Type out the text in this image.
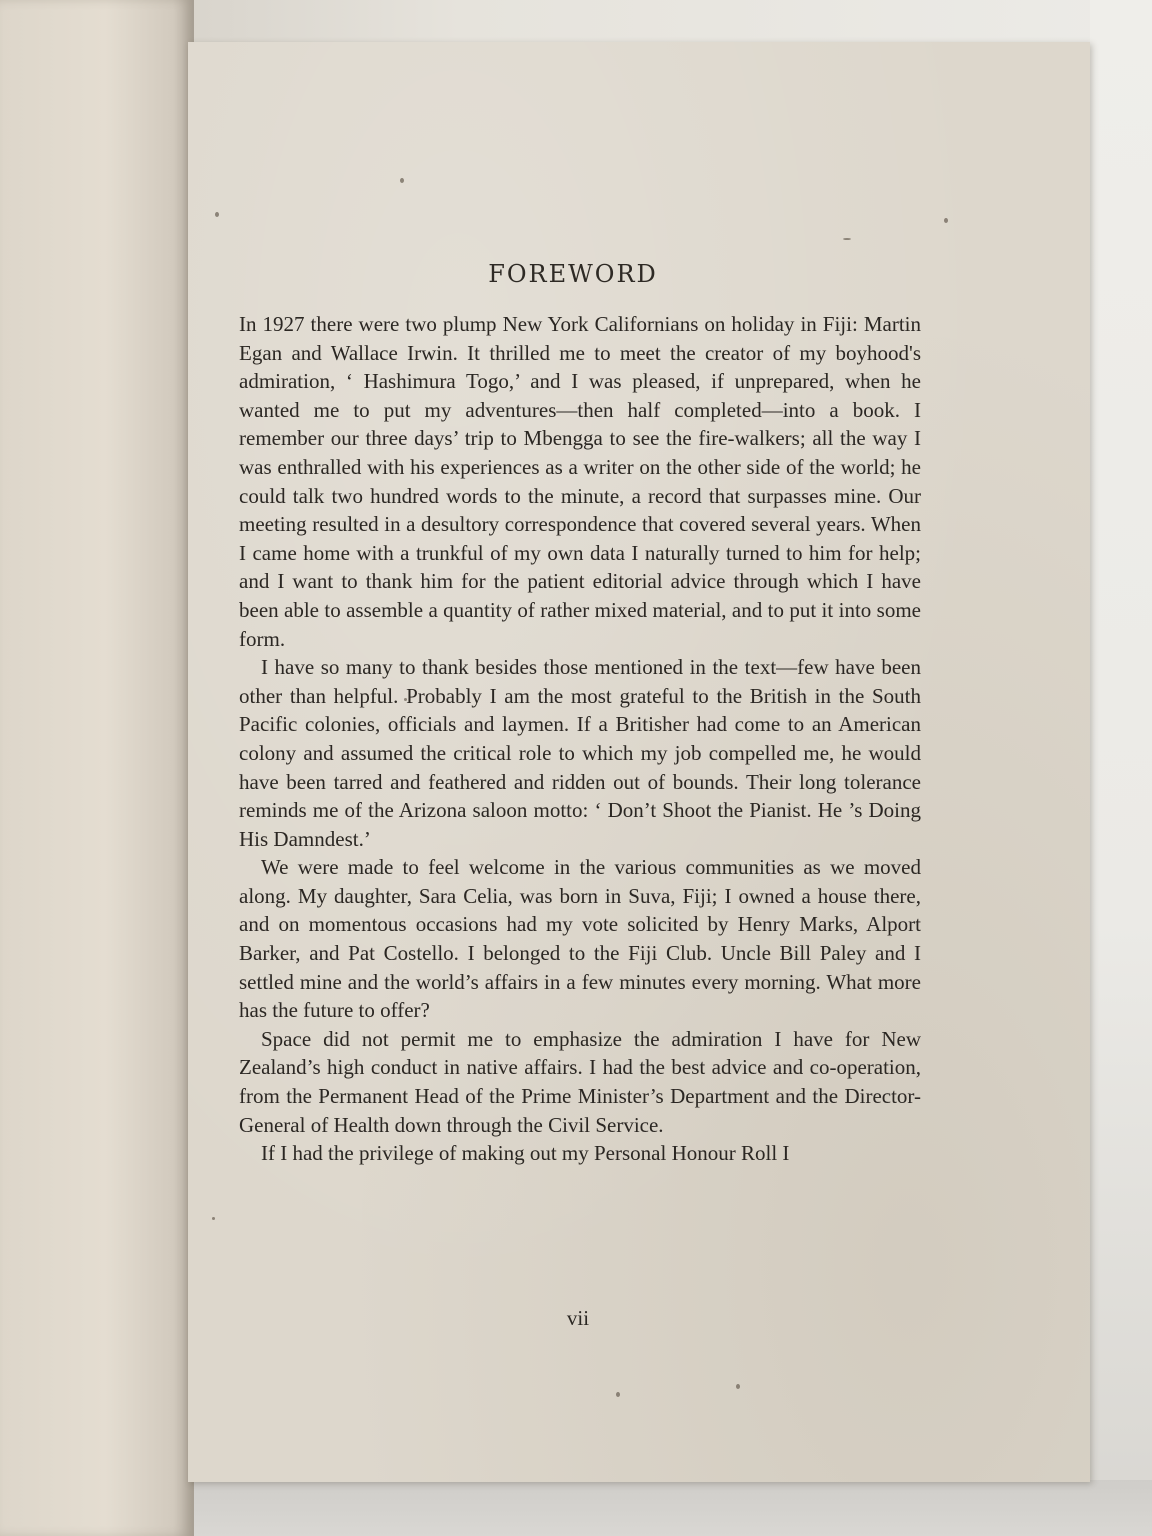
FOREWORD

In 1927 there were two plump New York Californians on holiday in Fiji: Martin Egan and Wallace Irwin. It thrilled me to meet the creator of my boyhood's admiration, ‘ Hashimura Togo,’ and I was pleased, if unprepared, when he wanted me to put my adventures—then half completed—into a book. I remember our three days’ trip to Mbengga to see the fire-walkers; all the way I was enthralled with his experiences as a writer on the other side of the world; he could talk two hundred words to the minute, a record that surpasses mine. Our meeting resulted in a desultory correspondence that covered several years. When I came home with a trunkful of my own data I naturally turned to him for help; and I want to thank him for the patient editorial advice through which I have been able to assemble a quantity of rather mixed material, and to put it into some form.

I have so many to thank besides those mentioned in the text—few have been other than helpful. Probably I am the most grateful to the British in the South Pacific colonies, officials and laymen. If a Britisher had come to an American colony and assumed the critical role to which my job compelled me, he would have been tarred and feathered and ridden out of bounds. Their long tolerance reminds me of the Arizona saloon motto: ‘ Don’t Shoot the Pianist. He ’s Doing His Damndest.’

We were made to feel welcome in the various communities as we moved along. My daughter, Sara Celia, was born in Suva, Fiji; I owned a house there, and on momentous occasions had my vote solicited by Henry Marks, Alport Barker, and Pat Costello. I belonged to the Fiji Club. Uncle Bill Paley and I settled mine and the world’s affairs in a few minutes every morning. What more has the future to offer?

Space did not permit me to emphasize the admiration I have for New Zealand’s high conduct in native affairs. I had the best advice and co-operation, from the Permanent Head of the Prime Minister’s Department and the Director-General of Health down through the Civil Service.

If I had the privilege of making out my Personal Honour Roll I

vii
